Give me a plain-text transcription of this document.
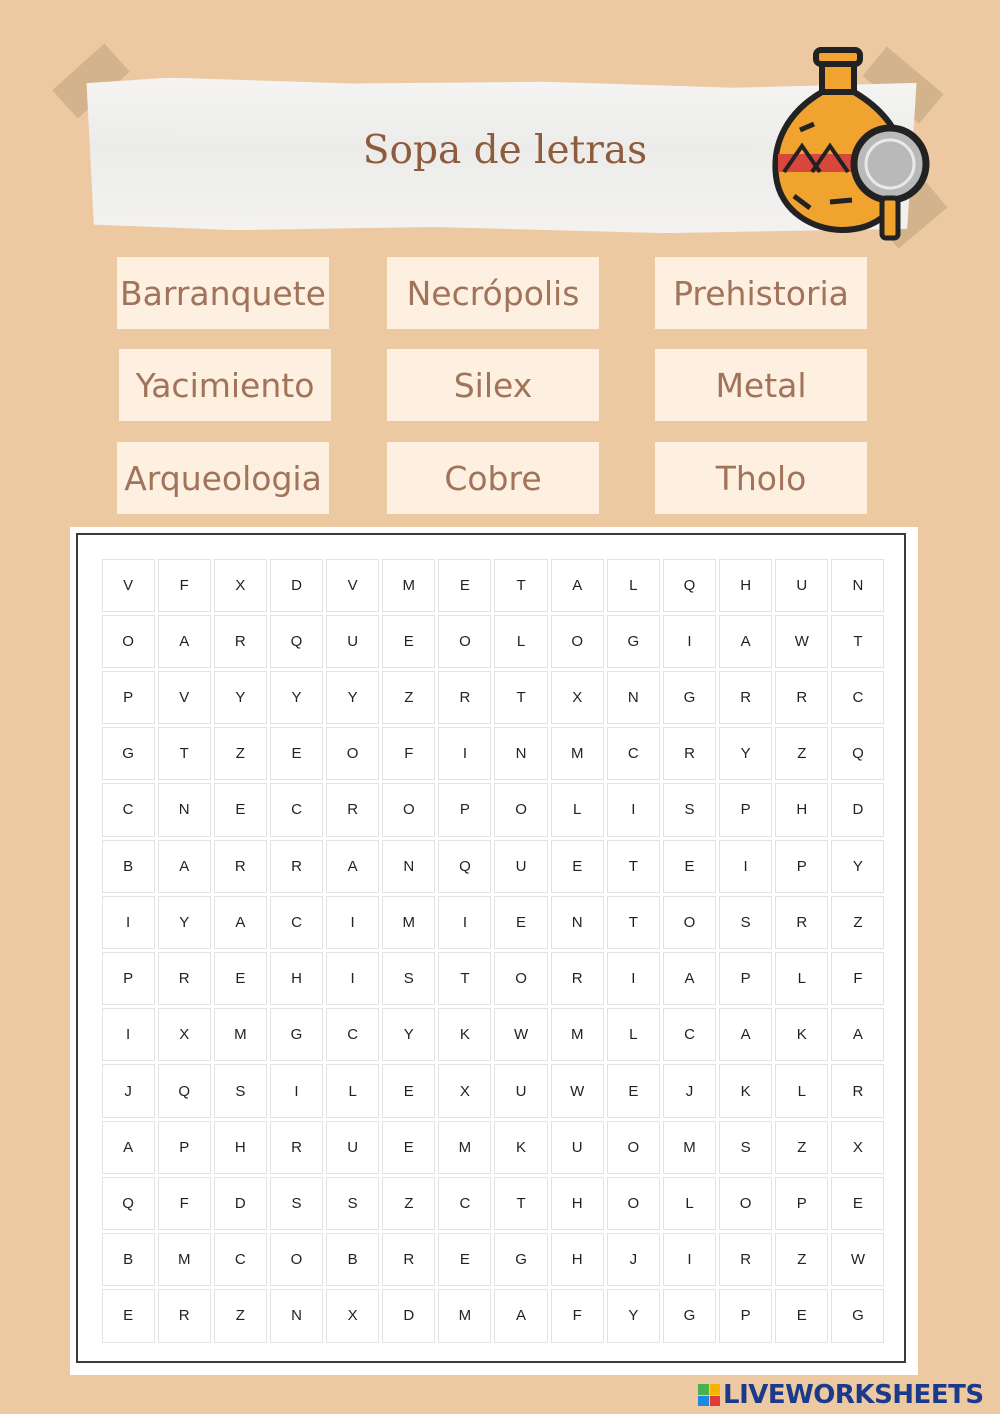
Sopa de letras
Barranquete	Necrópolis	Prehistoria
Yacimiento	Silex	Metal
Arqueologia	Cobre	Tholo
V	F	X	D	V	M	E	T	A	L	Q	H	U	N
O	A	R	Q	U	E	O	L	O	G	I	A	W	T
P	V	Y	Y	Y	Z	R	T	X	N	G	R	R	C
G	T	Z	E	O	F	I	N	M	C	R	Y	Z	Q
C	N	E	C	R	O	P	O	L	I	S	P	H	D
B	A	R	R	A	N	Q	U	E	T	E	I	P	Y
I	Y	A	C	I	M	I	E	N	T	O	S	R	Z
P	R	E	H	I	S	T	O	R	I	A	P	L	F
I	X	M	G	C	Y	K	W	M	L	C	A	K	A
J	Q	S	I	L	E	X	U	W	E	J	K	L	R
A	P	H	R	U	E	M	K	U	O	M	S	Z	X
Q	F	D	S	S	Z	C	T	H	O	L	O	P	E
B	M	C	O	B	R	E	G	H	J	I	R	Z	W
E	R	Z	N	X	D	M	A	F	Y	G	P	E	G
LIVEWORKSHEETS
